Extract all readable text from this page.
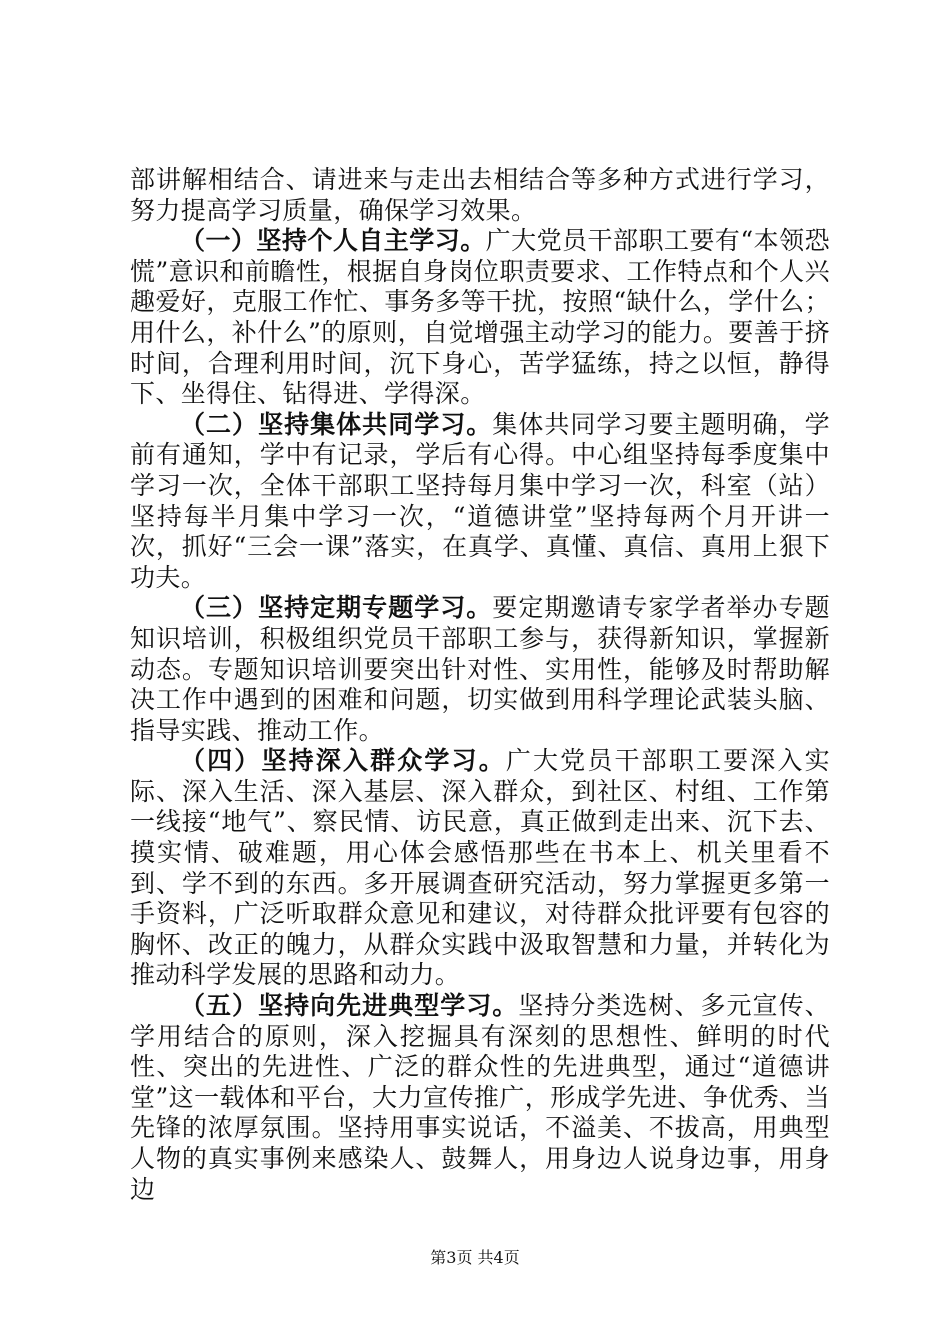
部讲解相结合、请进来与走出去相结合等多种方式进行学习，努力提高学习质量，确保学习效果。

（一）坚持个人自主学习。广大党员干部职工要有“本领恐慌”意识和前瞻性，根据自身岗位职责要求、工作特点和个人兴趣爱好，克服工作忙、事务多等干扰，按照“缺什么，学什么；用什么，补什么”的原则，自觉增强主动学习的能力。要善于挤时间，合理利用时间，沉下身心，苦学猛练，持之以恒，静得下、坐得住、钻得进、学得深。

（二）坚持集体共同学习。集体共同学习要主题明确，学前有通知，学中有记录，学后有心得。中心组坚持每季度集中学习一次，全体干部职工坚持每月集中学习一次，科室（站）坚持每半月集中学习一次，“道德讲堂”坚持每两个月开讲一次，抓好“三会一课”落实，在真学、真懂、真信、真用上狠下功夫。

（三）坚持定期专题学习。要定期邀请专家学者举办专题知识培训，积极组织党员干部职工参与，获得新知识，掌握新动态。专题知识培训要突出针对性、实用性，能够及时帮助解决工作中遇到的困难和问题，切实做到用科学理论武装头脑、指导实践、推动工作。

（四）坚持深入群众学习。广大党员干部职工要深入实际、深入生活、深入基层、深入群众，到社区、村组、工作第一线接“地气”、察民情、访民意，真正做到走出来、沉下去、摸实情、破难题，用心体会感悟那些在书本上、机关里看不到、学不到的东西。多开展调查研究活动，努力掌握更多第一手资料，广泛听取群众意见和建议，对待群众批评要有包容的胸怀、改正的魄力，从群众实践中汲取智慧和力量，并转化为推动科学发展的思路和动力。

（五）坚持向先进典型学习。坚持分类选树、多元宣传、学用结合的原则，深入挖掘具有深刻的思想性、鲜明的时代性、突出的先进性、广泛的群众性的先进典型，通过“道德讲堂”这一载体和平台，大力宣传推广，形成学先进、争优秀、当先锋的浓厚氛围。坚持用事实说话，不溢美、不拔高，用典型人物的真实事例来感染人、鼓舞人，用身边人说身边事，用身边

第3页 共4页
